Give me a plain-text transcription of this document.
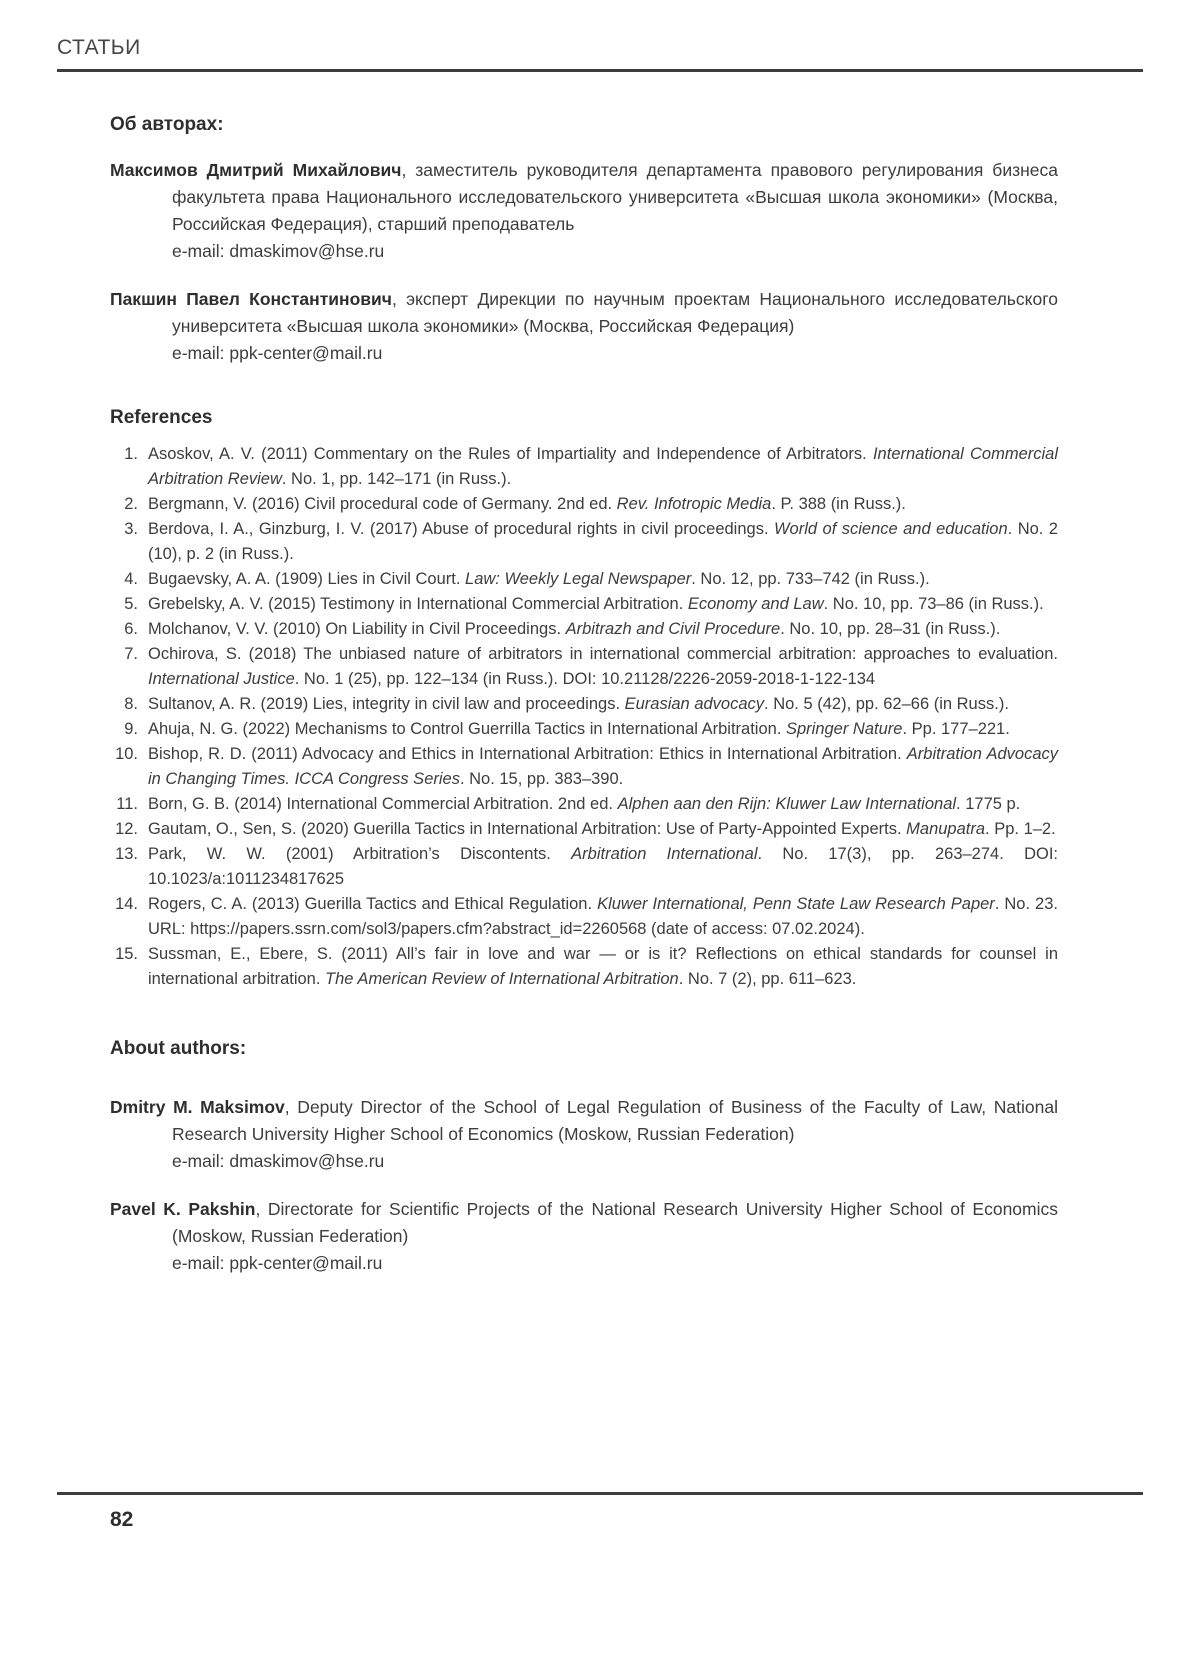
СТАТЬИ
Об авторах:

Максимов Дмитрий Михайлович, заместитель руководителя департамента правового регулирования бизнеса факультета права Национального исследовательского университета «Высшая школа экономики» (Москва, Российская Федерация), старший преподаватель
e-mail: dmaskimov@hse.ru

Пакшин Павел Константинович, эксперт Дирекции по научным проектам Национального исследовательского университета «Высшая школа экономики» (Москва, Российская Федерация)
e-mail: ppk-center@mail.ru

References
1. Asoskov, A. V. (2011) Commentary on the Rules of Impartiality and Independence of Arbitrators. International Commercial Arbitration Review. No. 1, pp. 142–171 (in Russ.).
2. Bergmann, V. (2016) Civil procedural code of Germany. 2nd ed. Rev. Infotropic Media. P. 388 (in Russ.).
3. Berdova, I. A., Ginzburg, I. V. (2017) Abuse of procedural rights in civil proceedings. World of science and education. No. 2 (10), p. 2 (in Russ.).
4. Bugaevsky, A. A. (1909) Lies in Civil Court. Law: Weekly Legal Newspaper. No. 12, pp. 733–742 (in Russ.).
5. Grebelsky, A. V. (2015) Testimony in International Commercial Arbitration. Economy and Law. No. 10, pp. 73–86 (in Russ.).
6. Molchanov, V. V. (2010) On Liability in Civil Proceedings. Arbitrazh and Civil Procedure. No. 10, pp. 28–31 (in Russ.).
7. Ochirova, S. (2018) The unbiased nature of arbitrators in international commercial arbitration: approaches to evaluation. International Justice. No. 1 (25), pp. 122–134 (in Russ.). DOI: 10.21128/2226-2059-2018-1-122-134
8. Sultanov, A. R. (2019) Lies, integrity in civil law and proceedings. Eurasian advocacy. No. 5 (42), pp. 62–66 (in Russ.).
9. Ahuja, N. G. (2022) Mechanisms to Control Guerrilla Tactics in International Arbitration. Springer Nature. Pp. 177–221.
10. Bishop, R. D. (2011) Advocacy and Ethics in International Arbitration: Ethics in International Arbitration. Arbitration Advocacy in Changing Times. ICCA Congress Series. No. 15, pp. 383–390.
11. Born, G. B. (2014) International Commercial Arbitration. 2nd ed. Alphen aan den Rijn: Kluwer Law International. 1775 p.
12. Gautam, O., Sen, S. (2020) Guerilla Tactics in International Arbitration: Use of Party-Appointed Experts. Manupatra. Pp. 1–2.
13. Park, W. W. (2001) Arbitration’s Discontents. Arbitration International. No. 17(3), pp. 263–274. DOI: 10.1023/a:1011234817625
14. Rogers, C. A. (2013) Guerilla Tactics and Ethical Regulation. Kluwer International, Penn State Law Research Paper. No. 23. URL: https://papers.ssrn.com/sol3/papers.cfm?abstract_id=2260568 (date of access: 07.02.2024).
15. Sussman, E., Ebere, S. (2011) All’s fair in love and war — or is it? Reflections on ethical standards for counsel in international arbitration. The American Review of International Arbitration. No. 7 (2), pp. 611–623.
About authors:

Dmitry M. Maksimov, Deputy Director of the School of Legal Regulation of Business of the Faculty of Law, National Research University Higher School of Economics (Moskow, Russian Federation)
e-mail: dmaskimov@hse.ru

Pavel K. Pakshin, Directorate for Scientific Projects of the National Research University Higher School of Economics (Moskow, Russian Federation)
e-mail: ppk-center@mail.ru

82
